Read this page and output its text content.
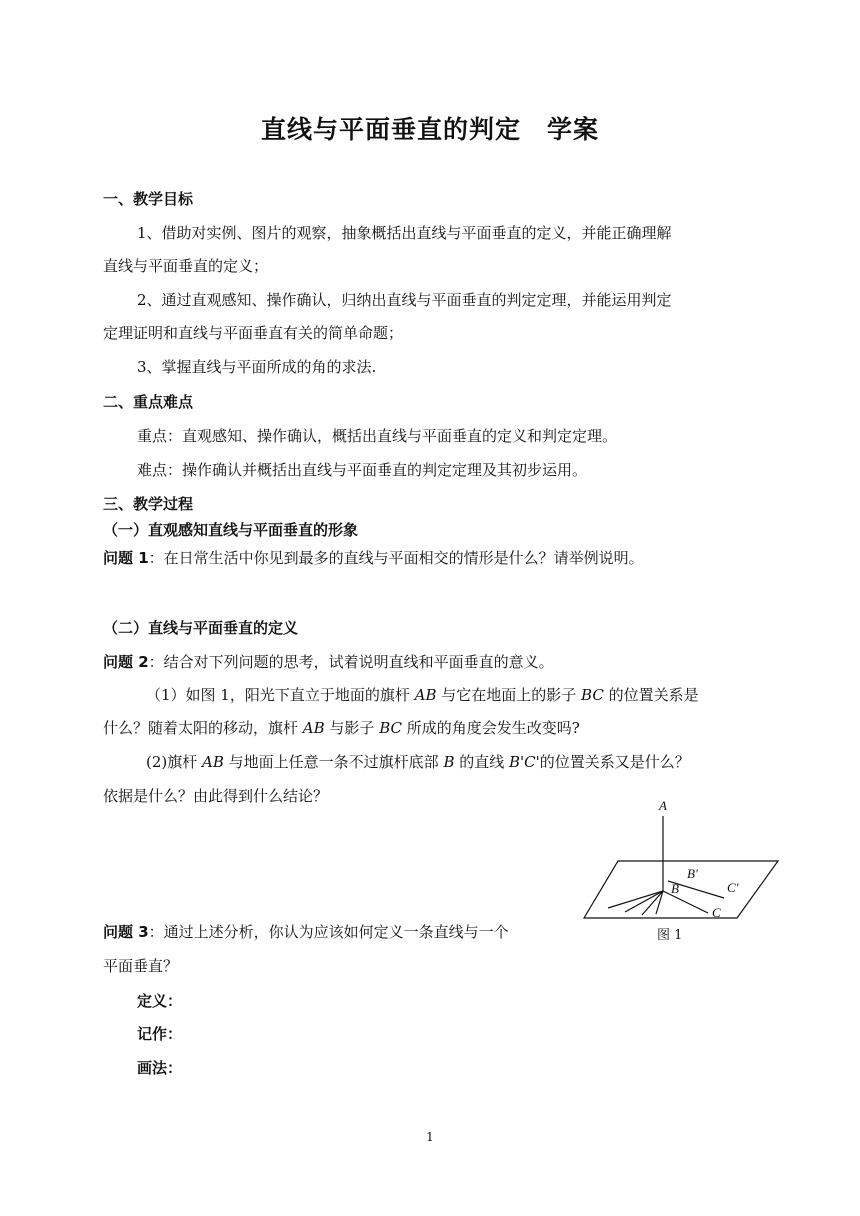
直线与平面垂直的判定　学案
一、教学目标
1、借助对实例、图片的观察，抽象概括出直线与平面垂直的定义，并能正确理解
直线与平面垂直的定义；
2、通过直观感知、操作确认，归纳出直线与平面垂直的判定定理，并能运用判定
定理证明和直线与平面垂直有关的简单命题；
3、掌握直线与平面所成的角的求法.
二、重点难点
重点：直观感知、操作确认，概括出直线与平面垂直的定义和判定定理。
难点：操作确认并概括出直线与平面垂直的判定定理及其初步运用。
三、教学过程
（一）直观感知直线与平面垂直的形象
问题 1：在日常生活中你见到最多的直线与平面相交的情形是什么？请举例说明。
（二）直线与平面垂直的定义
问题 2：结合对下列问题的思考，试着说明直线和平面垂直的意义。
（1）如图 1，阳光下直立于地面的旗杆 AB 与它在地面上的影子 BC 的位置关系是
什么？随着太阳的移动，旗杆 AB 与影子 BC 所成的角度会发生改变吗?
(2)旗杆 AB 与地面上任意一条不过旗杆底部 B 的直线 B'C'的位置关系又是什么？
依据是什么？由此得到什么结论？
A
B
C
B'
C'
图 1
问题 3：通过上述分析，你认为应该如何定义一条直线与一个
平面垂直？
定义：
记作：
画法：
1
